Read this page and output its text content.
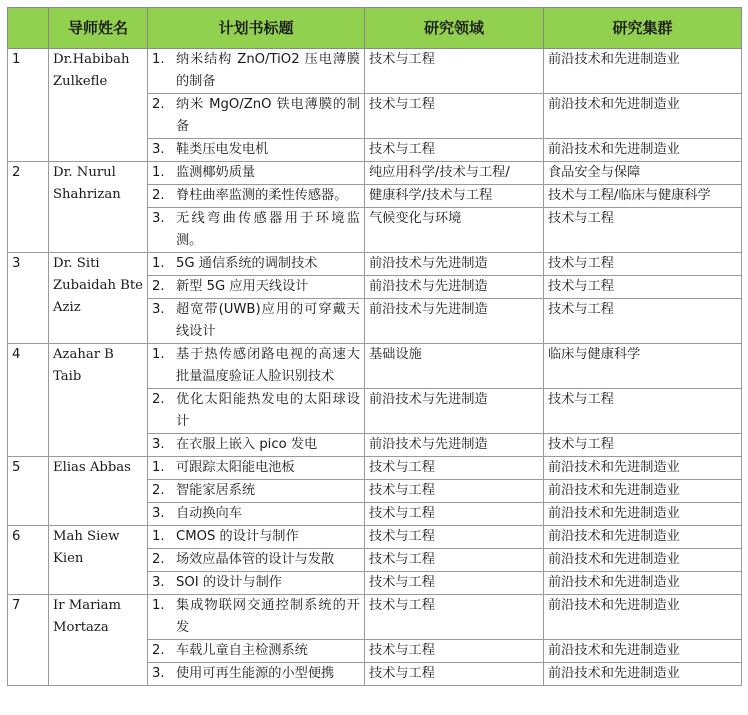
	导师姓名	计划书标题	研究领域	研究集群
1	Dr.Habibah Zulkefle	1. 纳米结构 ZnO/TiO2 压电薄膜的制备	技术与工程	前沿技术和先进制造业

		2. 纳米 MgO/ZnO 铁电薄膜的制备	技术与工程	前沿技术和先进制造业

		3. 鞋类压电发电机	技术与工程	前沿技术和先进制造业
2	Dr. Nurul Shahrizan	1. 监测椰奶质量	纯应用科学/技术与工程/	食品安全与保障

		2. 脊柱曲率监测的柔性传感器。	健康科学/技术与工程	技术与工程/临床与健康科学

		3. 无线弯曲传感器用于环境监测。	气候变化与环境	技术与工程
3	Dr. Siti Zubaidah Bte Aziz	1. 5G 通信系统的调制技术	前沿技术与先进制造	技术与工程

		2. 新型 5G 应用天线设计	前沿技术与先进制造	技术与工程

		3. 超宽带(UWB)应用的可穿戴天线设计	前沿技术与先进制造	技术与工程
4	Azahar B Taib	1. 基于热传感闭路电视的高速大批量温度验证人脸识别技术	基础设施	临床与健康科学

		2. 优化太阳能热发电的太阳球设计	前沿技术与先进制造	技术与工程

		3. 在衣服上嵌入 pico 发电	前沿技术与先进制造	技术与工程
5	Elias Abbas	1. 可跟踪太阳能电池板	技术与工程	前沿技术和先进制造业

		2. 智能家居系统	技术与工程	前沿技术和先进制造业

		3. 自动换向车	技术与工程	前沿技术和先进制造业
6	Mah Siew Kien	1. CMOS 的设计与制作	技术与工程	前沿技术和先进制造业

		2. 场效应晶体管的设计与发散	技术与工程	前沿技术和先进制造业

		3. SOI 的设计与制作	技术与工程	前沿技术和先进制造业
7	Ir Mariam Mortaza	1. 集成物联网交通控制系统的开发	技术与工程	前沿技术和先进制造业

		2. 车载儿童自主检测系统	技术与工程	前沿技术和先进制造业

		3. 使用可再生能源的小型便携	技术与工程	前沿技术和先进制造业
